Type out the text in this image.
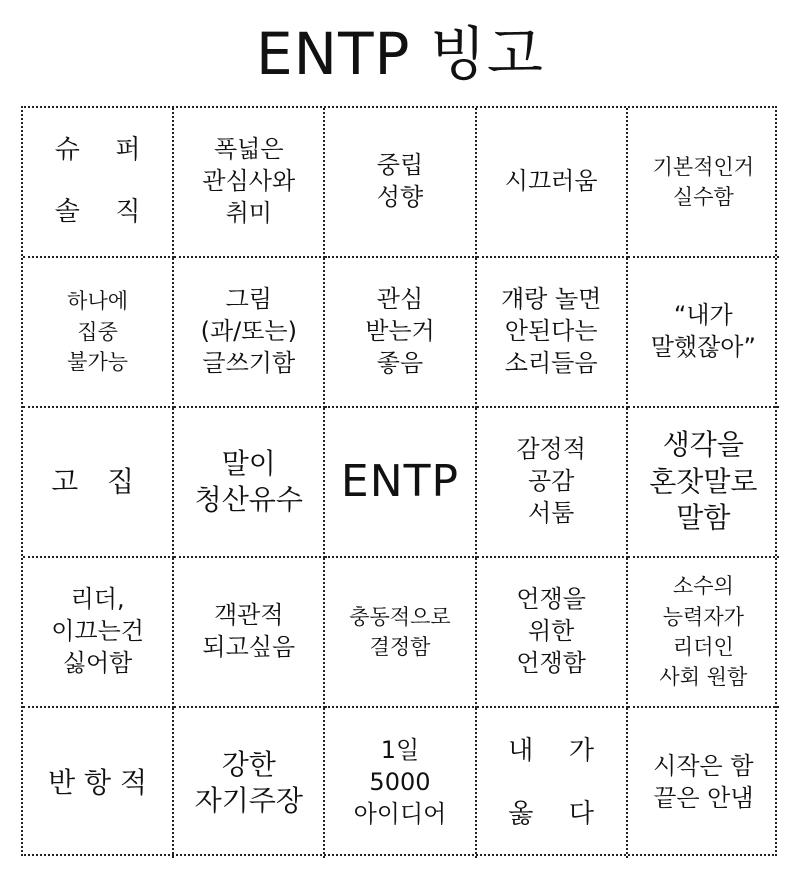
ENTP 빙고
슈 퍼
솔 직
폭넓은
관심사와
취미
중립
성향
시끄러움
기본적인거
실수함
하나에
집중
불가능
그림
(과/또는)
글쓰기함
관심
받는거
좋음
걔랑 놀면
안된다는
소리들음
“내가
말했잖아”
고 집
말이
청산유수 ENTP
감정적
공감
서툼
생각을
혼잣말로
말함
리더,
이끄는건
싫어함
객관적
되고싶음
충동적으로
결정함
언쟁을
위한
언쟁함
소수의
능력자가
리더인
사회 원함
반 항 적
강한
자기주장
1일
5000
아이디어
내 가
옳 다
시작은 함
끝은 안냄
